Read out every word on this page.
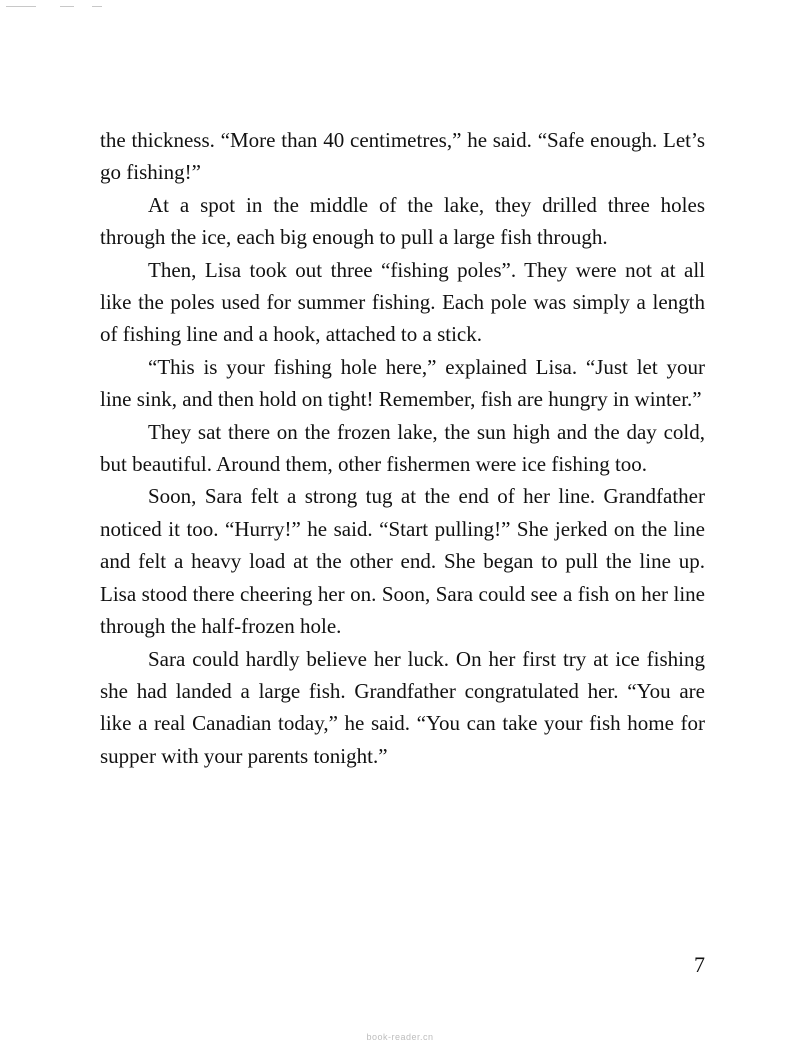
the thickness. “More than 40 centimetres,” he said. “Safe enough. Let’s go fishing!”

At a spot in the middle of the lake, they drilled three holes through the ice, each big enough to pull a large fish through.

Then, Lisa took out three “fishing poles”. They were not at all like the poles used for summer fishing. Each pole was simply a length of fishing line and a hook, attached to a stick.

“This is your fishing hole here,” explained Lisa. “Just let your line sink, and then hold on tight! Remember, fish are hungry in winter.”

They sat there on the frozen lake, the sun high and the day cold, but beautiful. Around them, other fishermen were ice fishing too.

Soon, Sara felt a strong tug at the end of her line. Grandfather noticed it too. “Hurry!” he said. “Start pulling!” She jerked on the line and felt a heavy load at the other end. She began to pull the line up. Lisa stood there cheering her on. Soon, Sara could see a fish on her line through the half-frozen hole.

Sara could hardly believe her luck. On her first try at ice fishing she had landed a large fish. Grandfather congratulated her. “You are like a real Canadian today,” he said. “You can take your fish home for supper with your parents tonight.”

7
book-reader.cn
